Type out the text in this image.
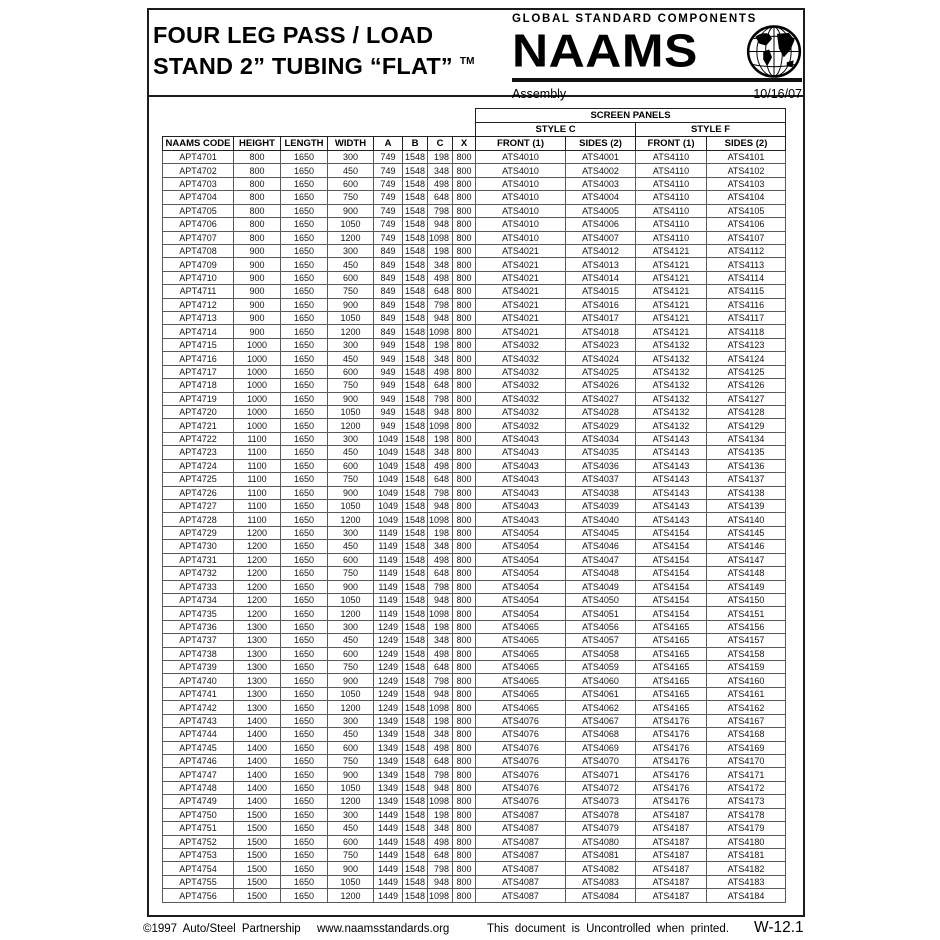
FOUR LEG PASS / LOAD
STAND 2” TUBING “FLAT” ™
GLOBAL STANDARD COMPONENTS
NAAMS
Assembly	10/16/07
								SCREEN PANELS			
								STYLE C		STYLE F	
NAAMS CODE	HEIGHT	LENGTH	WIDTH	A	B	C	X	FRONT (1)	SIDES (2)	FRONT (1)	SIDES (2)
APT4701	800	1650	300	749	1548	198	800	ATS4010	ATS4001	ATS4110	ATS4101
APT4702	800	1650	450	749	1548	348	800	ATS4010	ATS4002	ATS4110	ATS4102
APT4703	800	1650	600	749	1548	498	800	ATS4010	ATS4003	ATS4110	ATS4103
APT4704	800	1650	750	749	1548	648	800	ATS4010	ATS4004	ATS4110	ATS4104
APT4705	800	1650	900	749	1548	798	800	ATS4010	ATS4005	ATS4110	ATS4105
APT4706	800	1650	1050	749	1548	948	800	ATS4010	ATS4006	ATS4110	ATS4106
APT4707	800	1650	1200	749	1548	1098	800	ATS4010	ATS4007	ATS4110	ATS4107
APT4708	900	1650	300	849	1548	198	800	ATS4021	ATS4012	ATS4121	ATS4112
APT4709	900	1650	450	849	1548	348	800	ATS4021	ATS4013	ATS4121	ATS4113
APT4710	900	1650	600	849	1548	498	800	ATS4021	ATS4014	ATS4121	ATS4114
APT4711	900	1650	750	849	1548	648	800	ATS4021	ATS4015	ATS4121	ATS4115
APT4712	900	1650	900	849	1548	798	800	ATS4021	ATS4016	ATS4121	ATS4116
APT4713	900	1650	1050	849	1548	948	800	ATS4021	ATS4017	ATS4121	ATS4117
APT4714	900	1650	1200	849	1548	1098	800	ATS4021	ATS4018	ATS4121	ATS4118
APT4715	1000	1650	300	949	1548	198	800	ATS4032	ATS4023	ATS4132	ATS4123
APT4716	1000	1650	450	949	1548	348	800	ATS4032	ATS4024	ATS4132	ATS4124
APT4717	1000	1650	600	949	1548	498	800	ATS4032	ATS4025	ATS4132	ATS4125
APT4718	1000	1650	750	949	1548	648	800	ATS4032	ATS4026	ATS4132	ATS4126
APT4719	1000	1650	900	949	1548	798	800	ATS4032	ATS4027	ATS4132	ATS4127
APT4720	1000	1650	1050	949	1548	948	800	ATS4032	ATS4028	ATS4132	ATS4128
APT4721	1000	1650	1200	949	1548	1098	800	ATS4032	ATS4029	ATS4132	ATS4129
APT4722	1100	1650	300	1049	1548	198	800	ATS4043	ATS4034	ATS4143	ATS4134
APT4723	1100	1650	450	1049	1548	348	800	ATS4043	ATS4035	ATS4143	ATS4135
APT4724	1100	1650	600	1049	1548	498	800	ATS4043	ATS4036	ATS4143	ATS4136
APT4725	1100	1650	750	1049	1548	648	800	ATS4043	ATS4037	ATS4143	ATS4137
APT4726	1100	1650	900	1049	1548	798	800	ATS4043	ATS4038	ATS4143	ATS4138
APT4727	1100	1650	1050	1049	1548	948	800	ATS4043	ATS4039	ATS4143	ATS4139
APT4728	1100	1650	1200	1049	1548	1098	800	ATS4043	ATS4040	ATS4143	ATS4140
APT4729	1200	1650	300	1149	1548	198	800	ATS4054	ATS4045	ATS4154	ATS4145
APT4730	1200	1650	450	1149	1548	348	800	ATS4054	ATS4046	ATS4154	ATS4146
APT4731	1200	1650	600	1149	1548	498	800	ATS4054	ATS4047	ATS4154	ATS4147
APT4732	1200	1650	750	1149	1548	648	800	ATS4054	ATS4048	ATS4154	ATS4148
APT4733	1200	1650	900	1149	1548	798	800	ATS4054	ATS4049	ATS4154	ATS4149
APT4734	1200	1650	1050	1149	1548	948	800	ATS4054	ATS4050	ATS4154	ATS4150
APT4735	1200	1650	1200	1149	1548	1098	800	ATS4054	ATS4051	ATS4154	ATS4151
APT4736	1300	1650	300	1249	1548	198	800	ATS4065	ATS4056	ATS4165	ATS4156
APT4737	1300	1650	450	1249	1548	348	800	ATS4065	ATS4057	ATS4165	ATS4157
APT4738	1300	1650	600	1249	1548	498	800	ATS4065	ATS4058	ATS4165	ATS4158
APT4739	1300	1650	750	1249	1548	648	800	ATS4065	ATS4059	ATS4165	ATS4159
APT4740	1300	1650	900	1249	1548	798	800	ATS4065	ATS4060	ATS4165	ATS4160
APT4741	1300	1650	1050	1249	1548	948	800	ATS4065	ATS4061	ATS4165	ATS4161
APT4742	1300	1650	1200	1249	1548	1098	800	ATS4065	ATS4062	ATS4165	ATS4162
APT4743	1400	1650	300	1349	1548	198	800	ATS4076	ATS4067	ATS4176	ATS4167
APT4744	1400	1650	450	1349	1548	348	800	ATS4076	ATS4068	ATS4176	ATS4168
APT4745	1400	1650	600	1349	1548	498	800	ATS4076	ATS4069	ATS4176	ATS4169
APT4746	1400	1650	750	1349	1548	648	800	ATS4076	ATS4070	ATS4176	ATS4170
APT4747	1400	1650	900	1349	1548	798	800	ATS4076	ATS4071	ATS4176	ATS4171
APT4748	1400	1650	1050	1349	1548	948	800	ATS4076	ATS4072	ATS4176	ATS4172
APT4749	1400	1650	1200	1349	1548	1098	800	ATS4076	ATS4073	ATS4176	ATS4173
APT4750	1500	1650	300	1449	1548	198	800	ATS4087	ATS4078	ATS4187	ATS4178
APT4751	1500	1650	450	1449	1548	348	800	ATS4087	ATS4079	ATS4187	ATS4179
APT4752	1500	1650	600	1449	1548	498	800	ATS4087	ATS4080	ATS4187	ATS4180
APT4753	1500	1650	750	1449	1548	648	800	ATS4087	ATS4081	ATS4187	ATS4181
APT4754	1500	1650	900	1449	1548	798	800	ATS4087	ATS4082	ATS4187	ATS4182
APT4755	1500	1650	1050	1449	1548	948	800	ATS4087	ATS4083	ATS4187	ATS4183
APT4756	1500	1650	1200	1449	1548	1098	800	ATS4087	ATS4084	ATS4187	ATS4184
©1997 Auto/Steel Partnership www.naamsstandards.org	This document is Uncontrolled when printed. W-12.1
